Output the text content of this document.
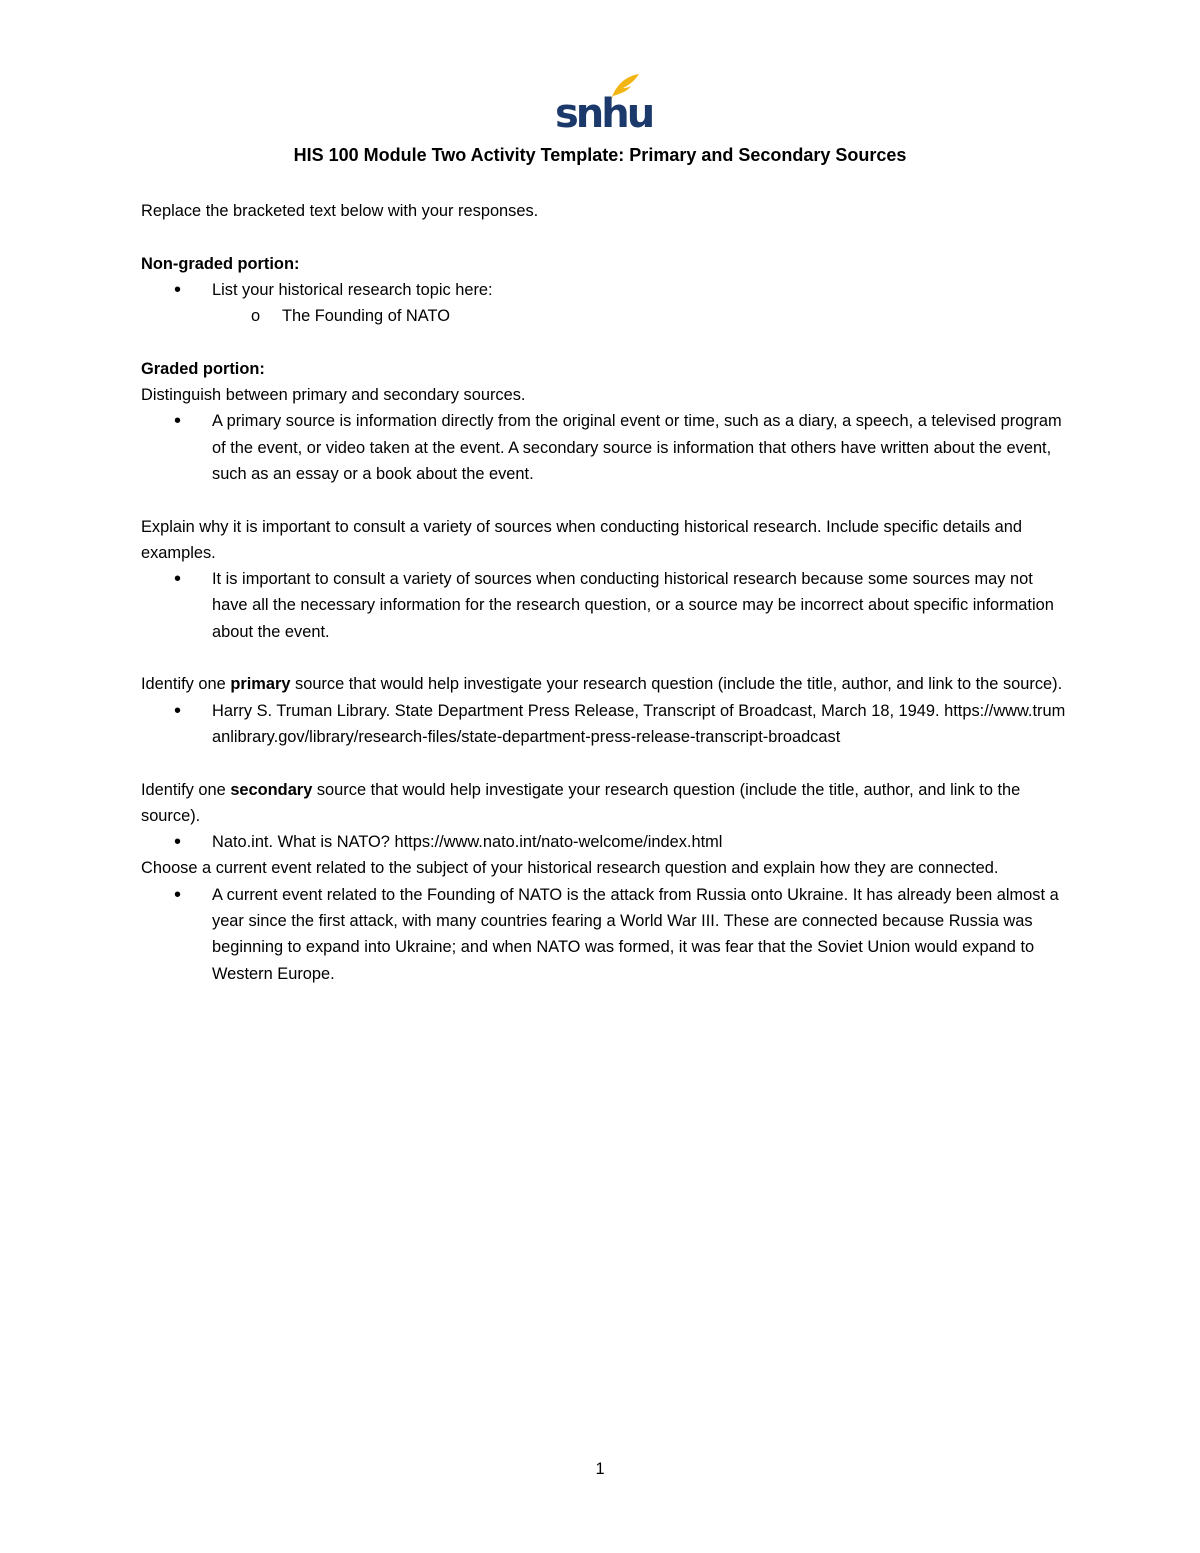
snhu
HIS 100 Module Two Activity Template: Primary and Secondary Sources

Replace the bracketed text below with your responses.

Non-graded portion:

• List your historical research topic here:
o The Founding of NATO

Graded portion:

Distinguish between primary and secondary sources.

• A primary source is information directly from the original event or time, such as a diary, a speech, a televised program of the event, or video taken at the event. A secondary source is information that others have written about the event, such as an essay or a book about the event.

Explain why it is important to consult a variety of sources when conducting historical research. Include specific details and examples.

• It is important to consult a variety of sources when conducting historical research because some sources may not have all the necessary information for the research question, or a source may be incorrect about specific information about the event.

Identify one primary source that would help investigate your research question (include the title, author, and link to the source).

• Harry S. Truman Library. State Department Press Release, Transcript of Broadcast, March 18, 1949. https://www.trumanlibrary.gov/library/research-files/state-department-press-release-transcript-broadcast

Identify one secondary source that would help investigate your research question (include the title, author, and link to the source).

• Nato.int. What is NATO? https://www.nato.int/nato-welcome/index.html

Choose a current event related to the subject of your historical research question and explain how they are connected.

• A current event related to the Founding of NATO is the attack from Russia onto Ukraine. It has already been almost a year since the first attack, with many countries fearing a World War III. These are connected because Russia was beginning to expand into Ukraine; and when NATO was formed, it was fear that the Soviet Union would expand to Western Europe.
1
